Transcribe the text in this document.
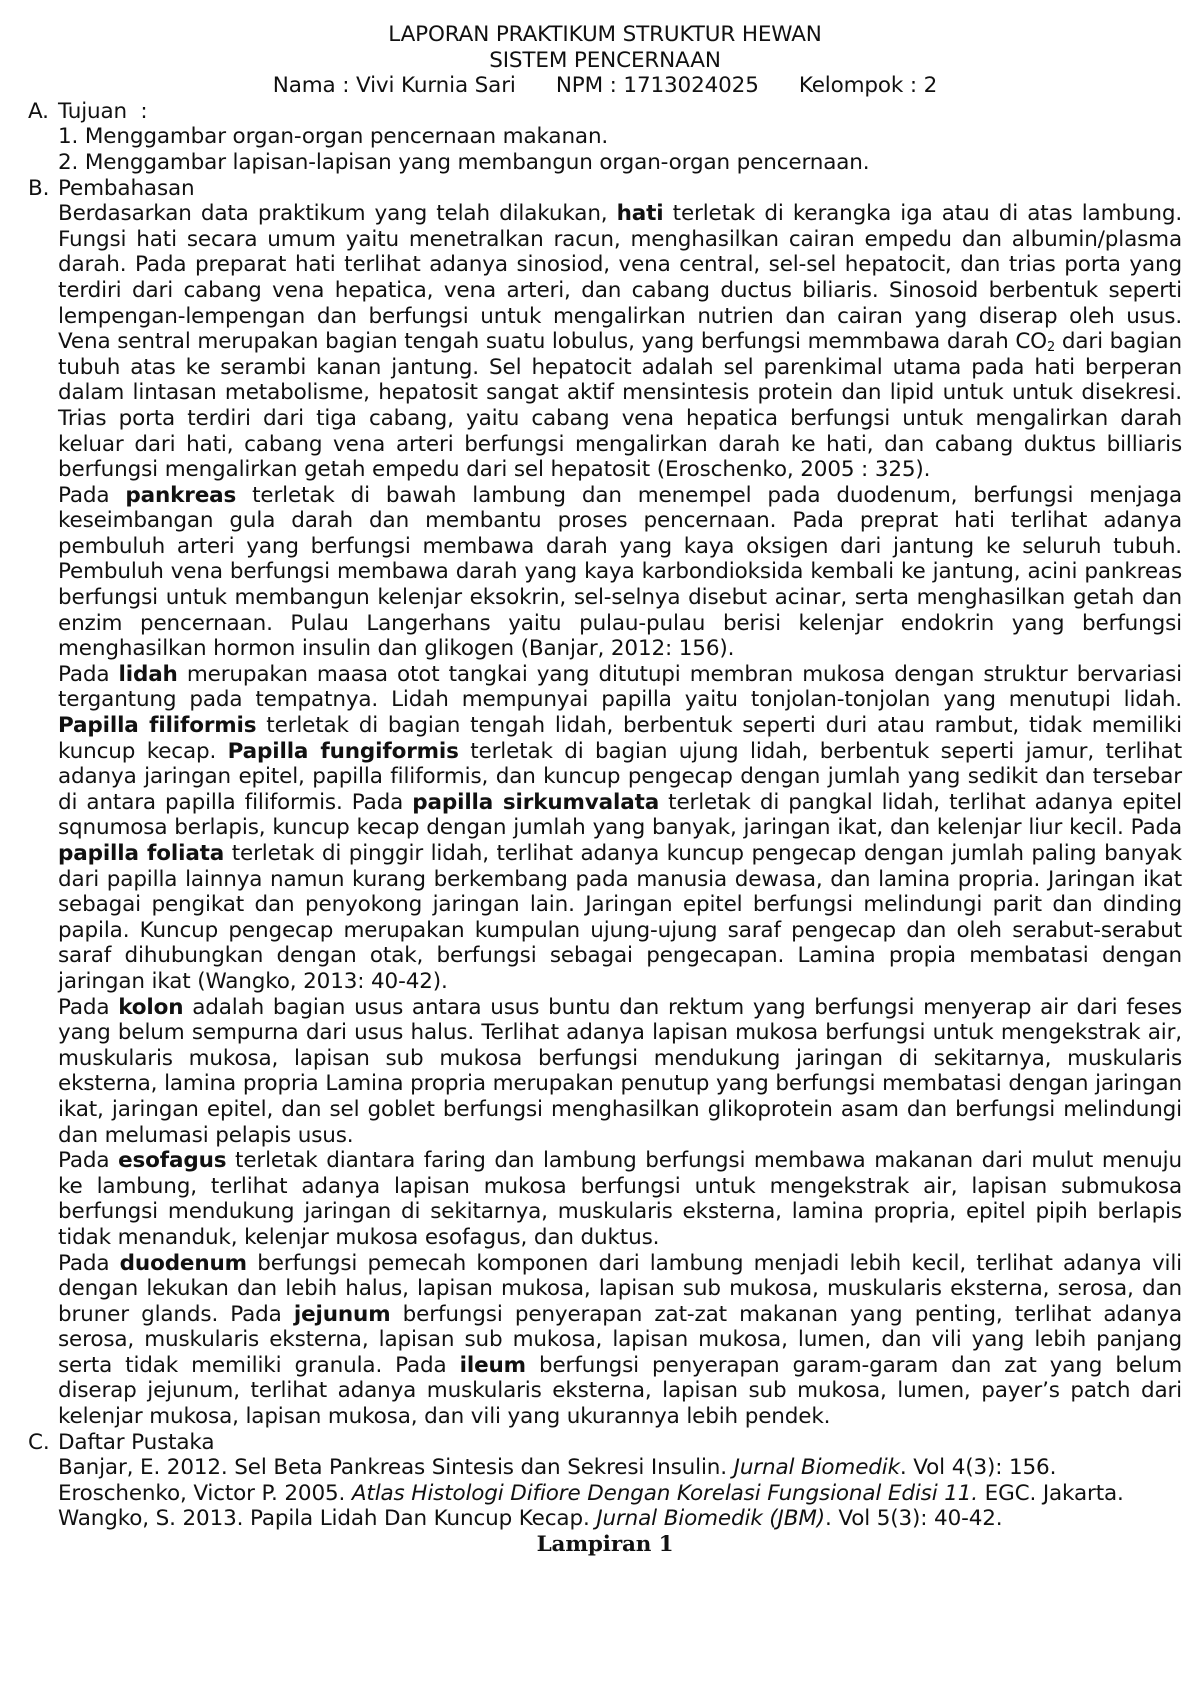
LAPORAN PRAKTIKUM STRUKTUR HEWAN
SISTEM PENCERNAAN
Nama : Vivi Kurnia Sari      NPM : 1713024025      Kelompok : 2
A. Tujuan  :
1. Menggambar organ-organ pencernaan makanan.
2. Menggambar lapisan-lapisan yang membangun organ-organ pencernaan.
B. Pembahasan

Berdasarkan data praktikum yang telah dilakukan, hati terletak di kerangka iga atau di atas lambung. Fungsi hati secara umum yaitu menetralkan racun, menghasilkan cairan empedu dan albumin/plasma darah. Pada preparat hati terlihat adanya sinosiod, vena central, sel-sel hepatocit, dan trias porta yang terdiri dari cabang vena hepatica, vena arteri, dan cabang ductus biliaris. Sinosoid berbentuk seperti lempengan-lempengan dan berfungsi untuk mengalirkan nutrien dan cairan yang diserap oleh usus. Vena sentral merupakan bagian tengah suatu lobulus, yang berfungsi memmbawa darah $CO_2$ dari bagian tubuh atas ke serambi kanan jantung. Sel hepatocit adalah sel parenkimal utama pada hati berperan dalam lintasan metabolisme, hepatosit sangat aktif mensintesis protein dan lipid untuk untuk disekresi. Trias porta terdiri dari tiga cabang, yaitu cabang vena hepatica berfungsi untuk mengalirkan darah keluar dari hati, cabang vena arteri berfungsi mengalirkan darah ke hati, dan cabang duktus billiaris berfungsi mengalirkan getah empedu dari sel hepatosit (Eroschenko, 2005 : 325).

Pada pankreas terletak di bawah lambung dan menempel pada duodenum, berfungsi menjaga keseimbangan gula darah dan membantu proses pencernaan. Pada preprat hati terlihat adanya pembuluh arteri yang berfungsi membawa darah yang kaya oksigen dari jantung ke seluruh tubuh. Pembuluh vena berfungsi membawa darah yang kaya karbondioksida kembali ke jantung, acini pankreas berfungsi untuk membangun kelenjar eksokrin, sel-selnya disebut acinar, serta menghasilkan getah dan enzim pencernaan. Pulau Langerhans yaitu pulau-pulau berisi kelenjar endokrin yang berfungsi menghasilkan hormon insulin dan glikogen (Banjar, 2012: 156).

Pada lidah merupakan maasa otot tangkai yang ditutupi membran mukosa dengan struktur bervariasi tergantung pada tempatnya. Lidah mempunyai papilla yaitu tonjolan-tonjolan yang menutupi lidah. Papilla filiformis terletak di bagian tengah lidah, berbentuk seperti duri atau rambut, tidak memiliki kuncup kecap. Papilla fungiformis terletak di bagian ujung lidah, berbentuk seperti jamur, terlihat adanya jaringan epitel, papilla filiformis, dan kuncup pengecap dengan jumlah yang sedikit dan tersebar di antara papilla filiformis. Pada papilla sirkumvalata terletak di pangkal lidah, terlihat adanya epitel sqnumosa berlapis, kuncup kecap dengan jumlah yang banyak, jaringan ikat, dan kelenjar liur kecil. Pada papilla foliata terletak di pinggir lidah, terlihat adanya kuncup pengecap dengan jumlah paling banyak dari papilla lainnya namun kurang berkembang pada manusia dewasa, dan lamina propria. Jaringan ikat sebagai pengikat dan penyokong jaringan lain. Jaringan epitel berfungsi melindungi parit dan dinding papila. Kuncup pengecap merupakan kumpulan ujung-ujung saraf pengecap dan oleh serabut-serabut saraf dihubungkan dengan otak, berfungsi sebagai pengecapan. Lamina propia membatasi dengan jaringan ikat (Wangko, 2013: 40-42).

Pada kolon adalah bagian usus antara usus buntu dan rektum yang berfungsi menyerap air dari feses yang belum sempurna dari usus halus. Terlihat adanya lapisan mukosa berfungsi untuk mengekstrak air, muskularis mukosa, lapisan sub mukosa berfungsi mendukung jaringan di sekitarnya, muskularis eksterna, lamina propria Lamina propria merupakan penutup yang berfungsi membatasi dengan jaringan ikat, jaringan epitel, dan sel goblet berfungsi menghasilkan glikoprotein asam dan berfungsi melindungi dan melumasi pelapis usus.

Pada esofagus terletak diantara faring dan lambung berfungsi membawa makanan dari mulut menuju ke lambung, terlihat adanya lapisan mukosa berfungsi untuk mengekstrak air, lapisan submukosa berfungsi mendukung jaringan di sekitarnya, muskularis eksterna, lamina propria, epitel pipih berlapis tidak menanduk, kelenjar mukosa esofagus, dan duktus.

Pada duodenum berfungsi pemecah komponen dari lambung menjadi lebih kecil, terlihat adanya vili dengan lekukan dan lebih halus, lapisan mukosa, lapisan sub mukosa, muskularis eksterna, serosa, dan bruner glands. Pada jejunum berfungsi penyerapan zat-zat makanan yang penting, terlihat adanya serosa, muskularis eksterna, lapisan sub mukosa, lapisan mukosa, lumen, dan vili yang lebih panjang serta tidak memiliki granula. Pada ileum berfungsi penyerapan garam-garam dan zat yang belum diserap jejunum, terlihat adanya muskularis eksterna, lapisan sub mukosa, lumen, payer’s patch dari kelenjar mukosa, lapisan mukosa, dan vili yang ukurannya lebih pendek.

C. Daftar Pustaka
Banjar, E. 2012. Sel Beta Pankreas Sintesis dan Sekresi Insulin. Jurnal Biomedik. Vol 4(3): 156.
Eroschenko, Victor P. 2005. Atlas Histologi Difiore Dengan Korelasi Fungsional Edisi 11. EGC. Jakarta.
Wangko, S. 2013. Papila Lidah Dan Kuncup Kecap. Jurnal Biomedik (JBM). Vol 5(3): 40-42.
Lampiran 1
